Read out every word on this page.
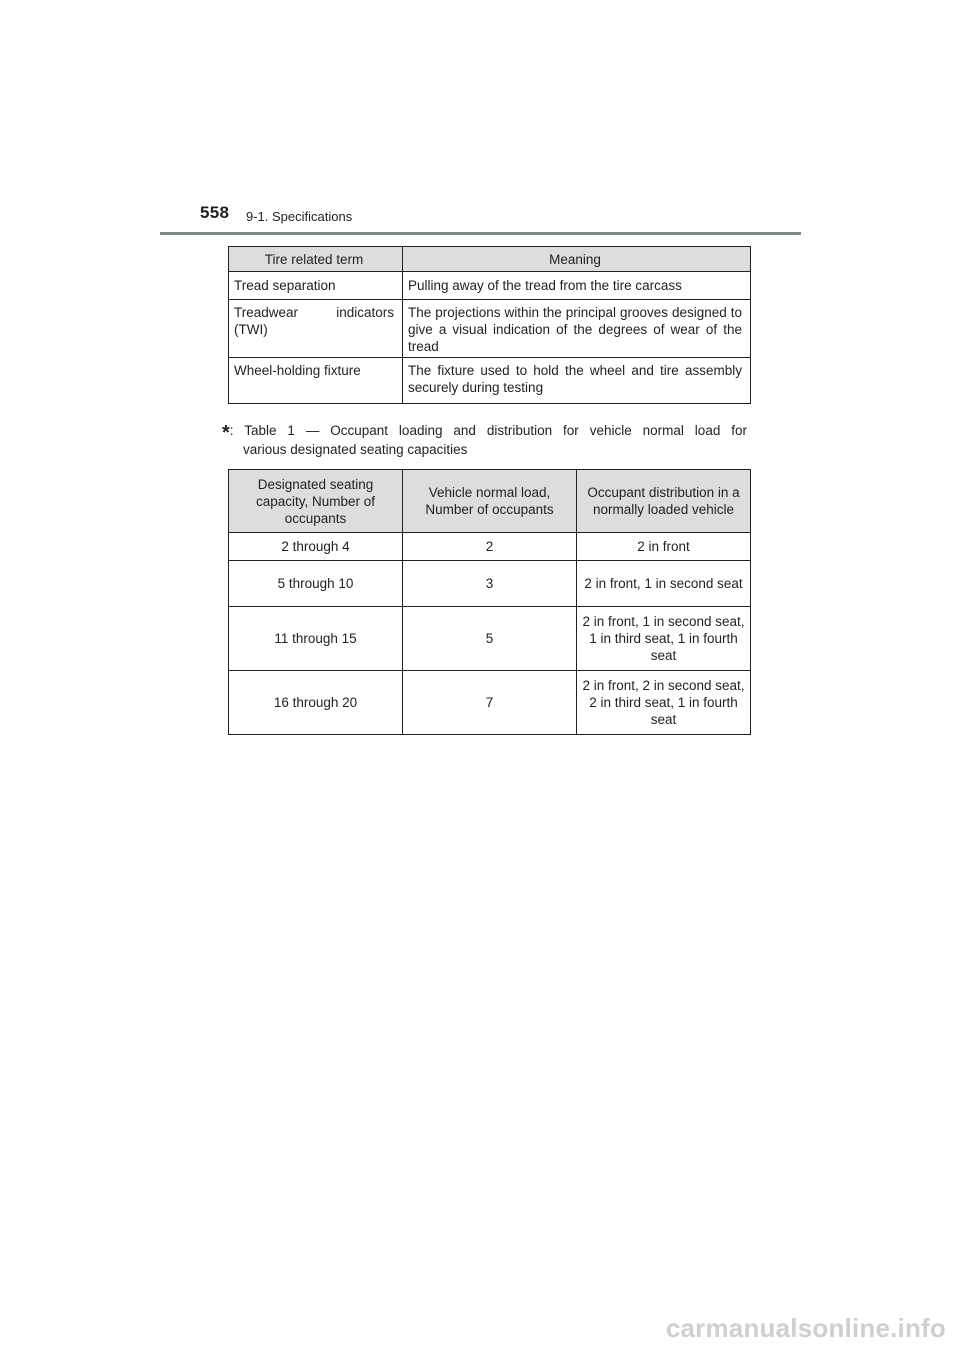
558 9-1. Specifications
Tire related term	Meaning
Tread separation	Pulling away of the tread from the tire carcass
Treadwear indicators (TWI)	The projections within the principal grooves designed to give a visual indication of the degrees of wear of the tread
Wheel-holding fixture	The fixture used to hold the wheel and tire assembly securely during testing
*: Table 1 — Occupant loading and distribution for vehicle normal load for
various designated seating capacities
Designated seating capacity, Number of occupants	Vehicle normal load, Number of occupants	Occupant distribution in a normally loaded vehicle
2 through 4	2	2 in front
5 through 10	3	2 in front, 1 in second seat
11 through 15	5	2 in front, 1 in second seat, 1 in third seat, 1 in fourth seat
16 through 20	7	2 in front, 2 in second seat, 2 in third seat, 1 in fourth seat
carmanualsonline.info
